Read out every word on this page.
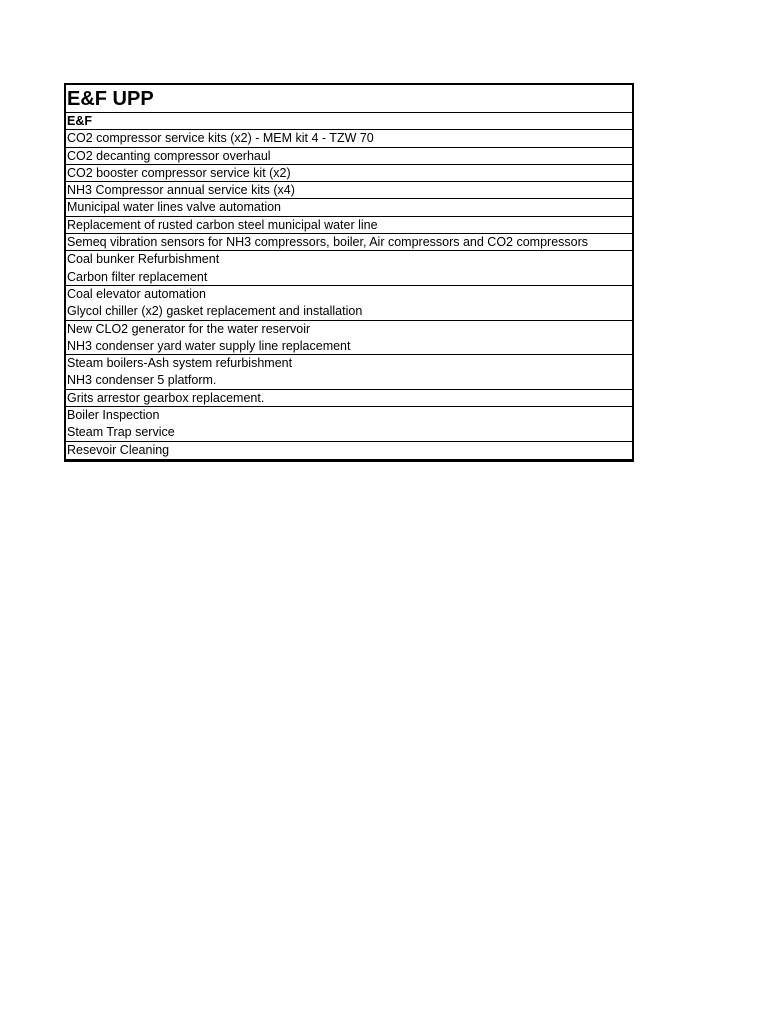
E&F UPP
E&F
CO2 compressor service kits (x2) - MEM kit 4 - TZW 70
CO2 decanting compressor overhaul
CO2 booster compressor service kit (x2)
NH3 Compressor annual service kits (x4)
Municipal water lines valve automation
Replacement of rusted carbon steel municipal water line
Semeq vibration sensors for NH3 compressors, boiler, Air compressors and CO2 compressors
Coal bunker Refurbishment
Carbon filter replacement
Coal elevator automation
Glycol chiller (x2) gasket replacement and installation
New CLO2 generator for the water reservoir
NH3 condenser yard water supply line replacement
Steam boilers-Ash system refurbishment
NH3 condenser 5 platform.
Grits arrestor gearbox replacement.
Boiler Inspection
Steam Trap service
Resevoir Cleaning
